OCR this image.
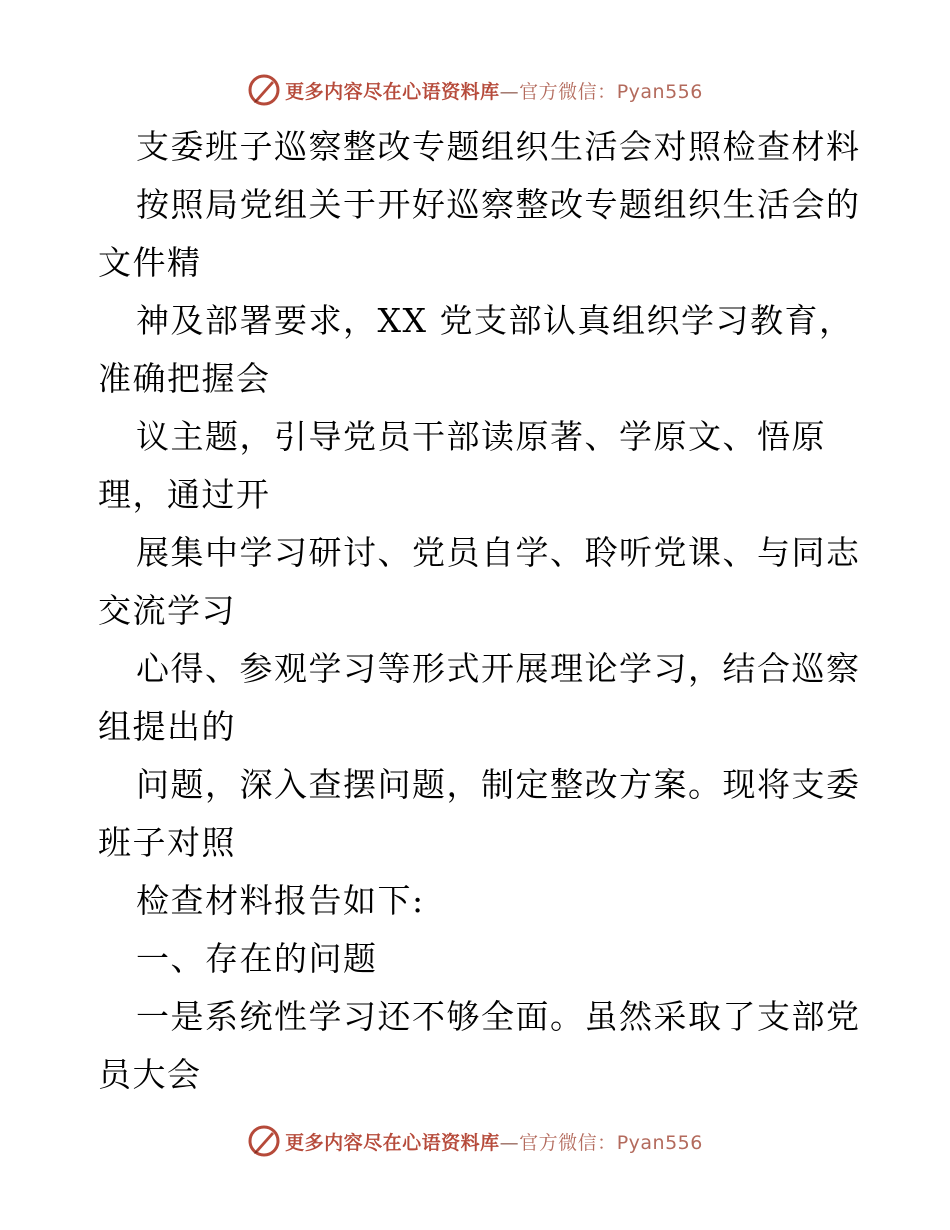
更多内容尽在心语资料库—官方微信：Pyan556

支委班子巡察整改专题组织生活会对照检查材料

按照局党组关于开好巡察整改专题组织生活会的

文件精

神及部署要求，XX 党支部认真组织学习教育，

准确把握会

议主题，引导党员干部读原著、学原文、悟原

理，通过开

展集中学习研讨、党员自学、聆听党课、与同志

交流学习

心得、参观学习等形式开展理论学习，结合巡察

组提出的

问题，深入查摆问题，制定整改方案。现将支委

班子对照

检查材料报告如下:

一、存在的问题

一是系统性学习还不够全面。虽然采取了支部党

员大会

更多内容尽在心语资料库—官方微信：Pyan556
